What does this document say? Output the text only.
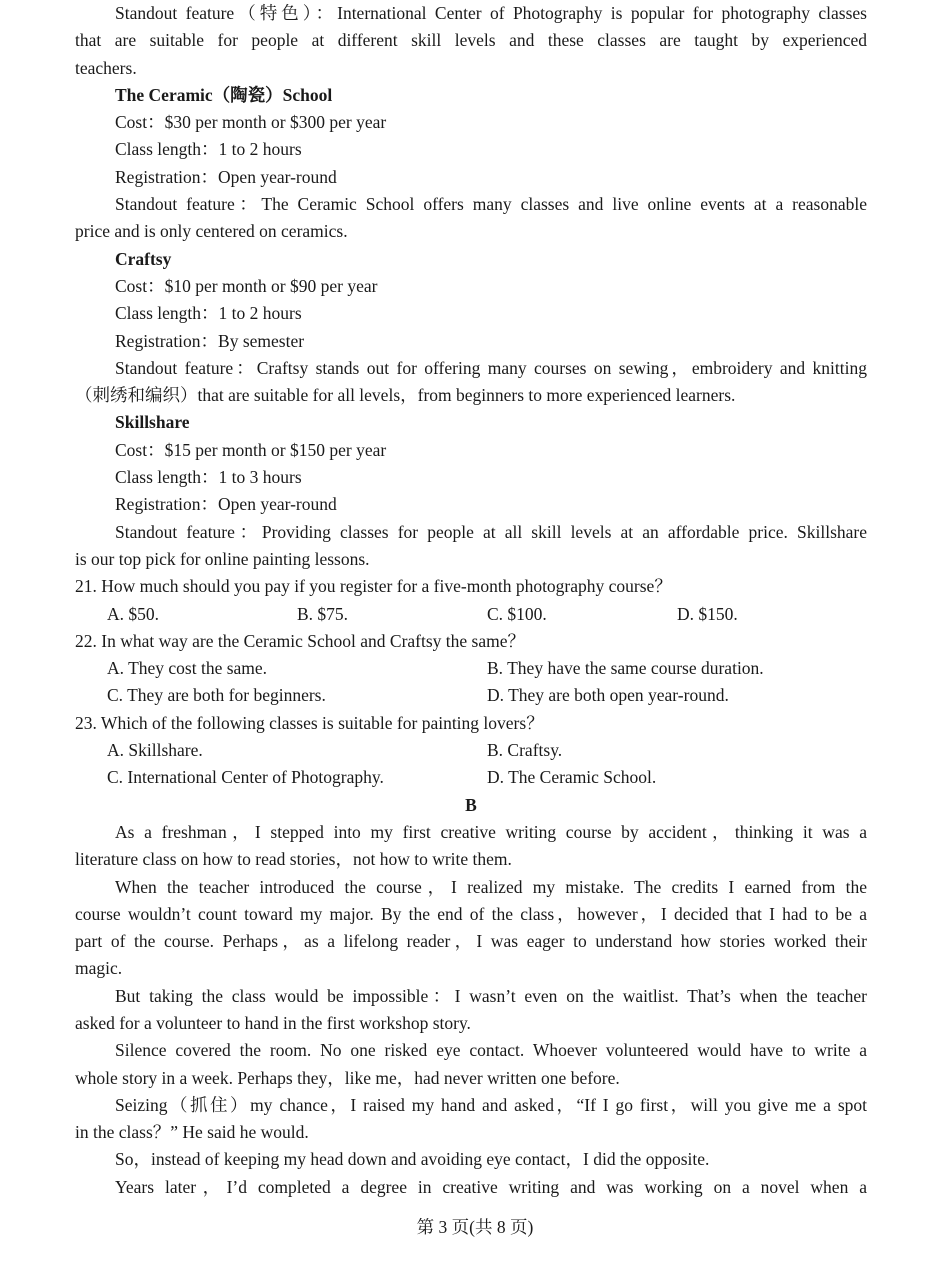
Standout feature（特色）：International Center of Photography is popular for photography classes
that are suitable for people at different skill levels and these classes are taught by experienced
teachers.
The Ceramic（陶瓷）School
Cost：$30 per month or $300 per year
Class length：1 to 2 hours
Registration：Open year-round
Standout feature：The Ceramic School offers many classes and live online events at a reasonable
price and is only centered on ceramics.
Craftsy
Cost：$10 per month or $90 per year
Class length：1 to 2 hours
Registration：By semester
Standout feature：Craftsy stands out for offering many courses on sewing，embroidery and knitting
（刺绣和编织）that are suitable for all levels，from beginners to more experienced learners.
Skillshare
Cost：$15 per month or $150 per year
Class length：1 to 3 hours
Registration：Open year-round
Standout feature：Providing classes for people at all skill levels at an affordable price. Skillshare
is our top pick for online painting lessons.
21. How much should you pay if you register for a five-month photography course？
A. $50.	B. $75.	C. $100.	D. $150.
22. In what way are the Ceramic School and Craftsy the same？
A. They cost the same.	B. They have the same course duration.
C. They are both for beginners.	D. They are both open year-round.
23. Which of the following classes is suitable for painting lovers？
A. Skillshare.	B. Craftsy.
C. International Center of Photography.	D. The Ceramic School.
B
As a freshman，I stepped into my first creative writing course by accident，thinking it was a
literature class on how to read stories，not how to write them.
When the teacher introduced the course，I realized my mistake. The credits I earned from the
course wouldn’t count toward my major. By the end of the class，however，I decided that I had to be a
part of the course. Perhaps，as a lifelong reader，I was eager to understand how stories worked their
magic.
But taking the class would be impossible：I wasn’t even on the waitlist. That’s when the teacher
asked for a volunteer to hand in the first workshop story.
Silence covered the room. No one risked eye contact. Whoever volunteered would have to write a
whole story in a week. Perhaps they，like me，had never written one before.
Seizing（抓住）my chance，I raised my hand and asked，“If I go first，will you give me a spot
in the class？” He said he would.
So，instead of keeping my head down and avoiding eye contact，I did the opposite.
Years later，I’d completed a degree in creative writing and was working on a novel when a
第 3 页(共 8 页)
